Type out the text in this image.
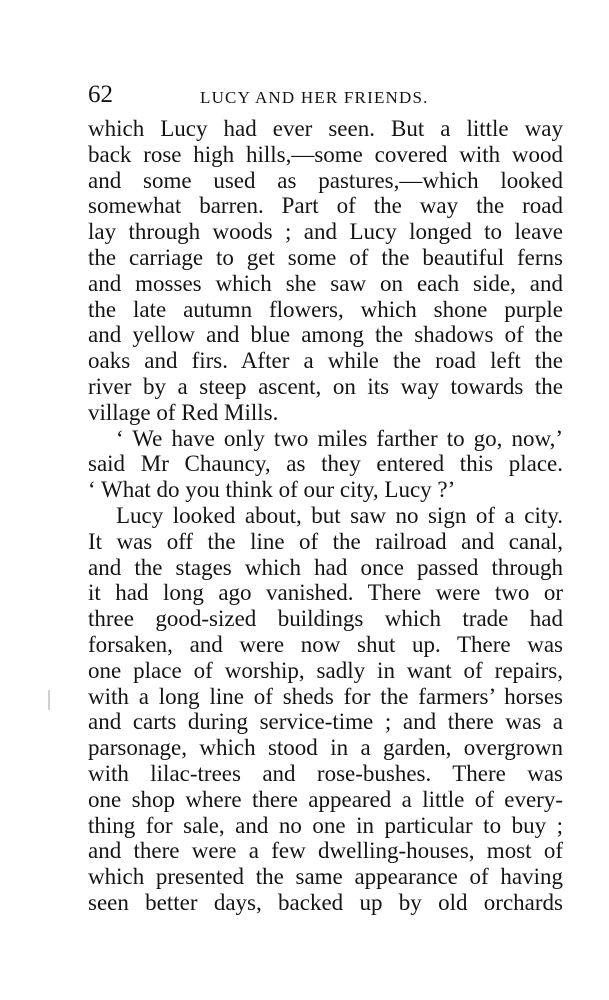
62	LUCY AND HER FRIENDS.
which Lucy had ever seen. But a little way
back rose high hills,—some covered with wood
and some used as pastures,—which looked
somewhat barren. Part of the way the road
lay through woods ; and Lucy longed to leave
the carriage to get some of the beautiful ferns
and mosses which she saw on each side, and
the late autumn flowers, which shone purple
and yellow and blue among the shadows of the
oaks and firs. After a while the road left the
river by a steep ascent, on its way towards the
village of Red Mills.
‘ We have only two miles farther to go, now,’
said Mr Chauncy, as they entered this place.
‘ What do you think of our city, Lucy ?’
Lucy looked about, but saw no sign of a city.
It was off the line of the railroad and canal,
and the stages which had once passed through
it had long ago vanished. There were two or
three good-sized buildings which trade had
forsaken, and were now shut up. There was
one place of worship, sadly in want of repairs,
with a long line of sheds for the farmers’ horses
and carts during service-time ; and there was a
parsonage, which stood in a garden, overgrown
with lilac-trees and rose-bushes. There was
one shop where there appeared a little of every-
thing for sale, and no one in particular to buy ;
and there were a few dwelling-houses, most of
which presented the same appearance of having
seen better days, backed up by old orchards
